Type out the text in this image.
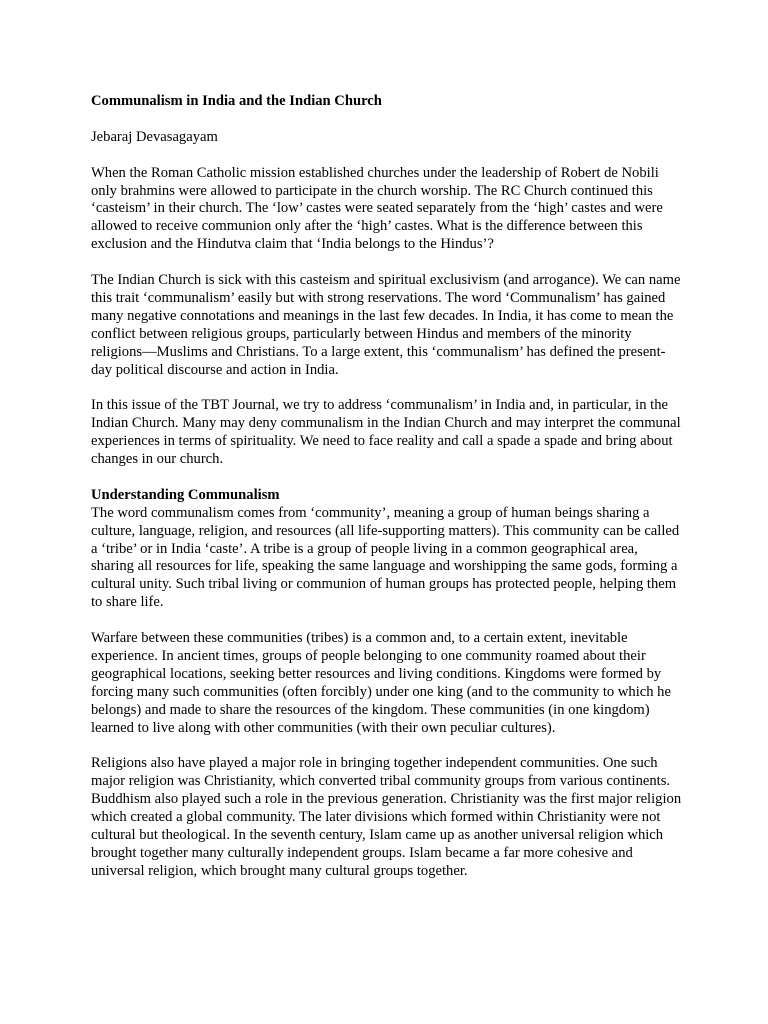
Communalism in India and the Indian Church
Jebaraj Devasagayam
When the Roman Catholic mission established churches under the leadership of Robert de Nobili only brahmins were allowed to participate in the church worship. The RC Church continued this ‘casteism’ in their church. The ‘low’ castes were seated separately from the ‘high’ castes and were allowed to receive communion only after the ‘high’ castes. What is the difference between this exclusion and the Hindutva claim that ‘India belongs to the Hindus’?
The Indian Church is sick with this casteism and spiritual exclusivism (and arrogance). We can name this trait ‘communalism’ easily but with strong reservations. The word ‘Communalism’ has gained many negative connotations and meanings in the last few decades. In India, it has come to mean the conflict between religious groups, particularly between Hindus and members of the minority religions—Muslims and Christians. To a large extent, this ‘communalism’ has defined the present-day political discourse and action in India.
In this issue of the TBT Journal, we try to address ‘communalism’ in India and, in particular, in the Indian Church. Many may deny communalism in the Indian Church and may interpret the communal experiences in terms of spirituality. We need to face reality and call a spade a spade and bring about changes in our church.
Understanding Communalism
The word communalism comes from ‘community’, meaning a group of human beings sharing a culture, language, religion, and resources (all life-supporting matters). This community can be called a ‘tribe’ or in India ‘caste’. A tribe is a group of people living in a common geographical area, sharing all resources for life, speaking the same language and worshipping the same gods, forming a cultural unity. Such tribal living or communion of human groups has protected people, helping them to share life.
Warfare between these communities (tribes) is a common and, to a certain extent, inevitable experience. In ancient times, groups of people belonging to one community roamed about their geographical locations, seeking better resources and living conditions. Kingdoms were formed by forcing many such communities (often forcibly) under one king (and to the community to which he belongs) and made to share the resources of the kingdom. These communities (in one kingdom) learned to live along with other communities (with their own peculiar cultures).
Religions also have played a major role in bringing together independent communities. One such major religion was Christianity, which converted tribal community groups from various continents. Buddhism also played such a role in the previous generation. Christianity was the first major religion which created a global community. The later divisions which formed within Christianity were not cultural but theological. In the seventh century, Islam came up as another universal religion which brought together many culturally independent groups. Islam became a far more cohesive and universal religion, which brought many cultural groups together.
